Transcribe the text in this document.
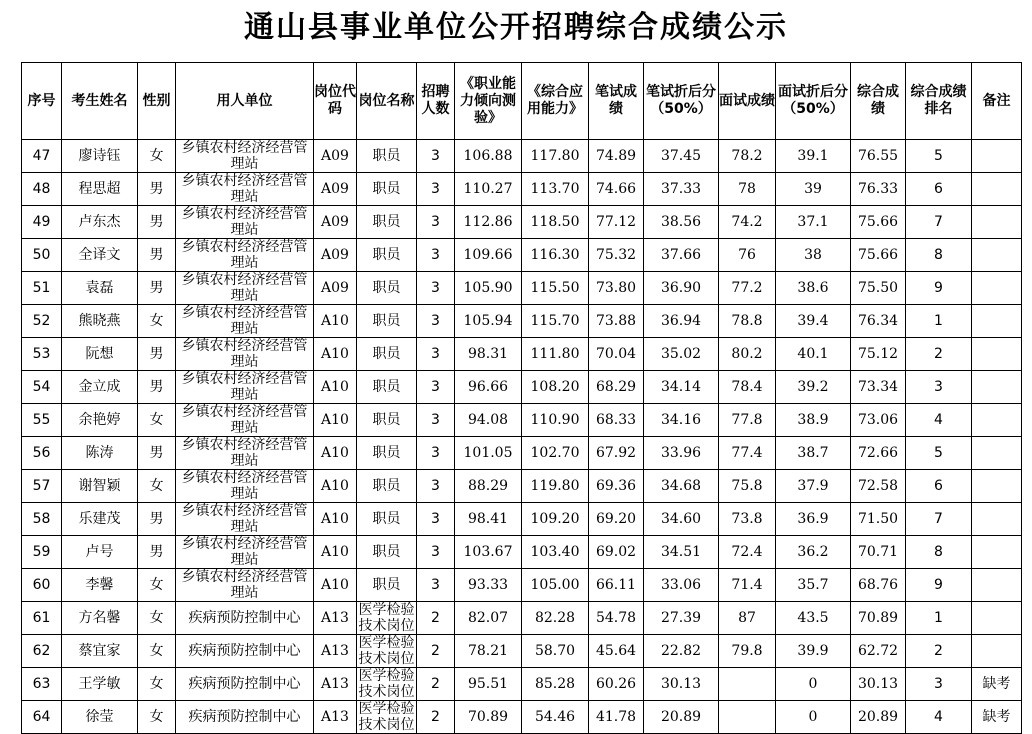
通山县事业单位公开招聘综合成绩公示
序号	考生姓名	性别	用人单位	岗位代码	岗位名称	招聘人数	《职业能力倾向测验》	《综合应用能力》	笔试成绩	笔试折后分（50%）	面试成绩	面试折后分（50%）	综合成绩	综合成绩排名	备注
47	廖诗钰	女	乡镇农村经济经营管理站	A09	职员	3	106.88	117.80	74.89	37.45	78.2	39.1	76.55	5	
48	程思超	男	乡镇农村经济经营管理站	A09	职员	3	110.27	113.70	74.66	37.33	78	39	76.33	6	
49	卢东杰	男	乡镇农村经济经营管理站	A09	职员	3	112.86	118.50	77.12	38.56	74.2	37.1	75.66	7	
50	全译文	男	乡镇农村经济经营管理站	A09	职员	3	109.66	116.30	75.32	37.66	76	38	75.66	8	
51	袁磊	男	乡镇农村经济经营管理站	A09	职员	3	105.90	115.50	73.80	36.90	77.2	38.6	75.50	9	
52	熊晓燕	女	乡镇农村经济经营管理站	A10	职员	3	105.94	115.70	73.88	36.94	78.8	39.4	76.34	1	
53	阮想	男	乡镇农村经济经营管理站	A10	职员	3	98.31	111.80	70.04	35.02	80.2	40.1	75.12	2	
54	金立成	男	乡镇农村经济经营管理站	A10	职员	3	96.66	108.20	68.29	34.14	78.4	39.2	73.34	3	
55	余艳婷	女	乡镇农村经济经营管理站	A10	职员	3	94.08	110.90	68.33	34.16	77.8	38.9	73.06	4	
56	陈涛	男	乡镇农村经济经营管理站	A10	职员	3	101.05	102.70	67.92	33.96	77.4	38.7	72.66	5	
57	谢智颖	女	乡镇农村经济经营管理站	A10	职员	3	88.29	119.80	69.36	34.68	75.8	37.9	72.58	6	
58	乐建茂	男	乡镇农村经济经营管理站	A10	职员	3	98.41	109.20	69.20	34.60	73.8	36.9	71.50	7	
59	卢号	男	乡镇农村经济经营管理站	A10	职员	3	103.67	103.40	69.02	34.51	72.4	36.2	70.71	8	
60	李馨	女	乡镇农村经济经营管理站	A10	职员	3	93.33	105.00	66.11	33.06	71.4	35.7	68.76	9	
61	方名馨	女	疾病预防控制中心	A13	医学检验技术岗位	2	82.07	82.28	54.78	27.39	87	43.5	70.89	1	
62	蔡宜家	女	疾病预防控制中心	A13	医学检验技术岗位	2	78.21	58.70	45.64	22.82	79.8	39.9	62.72	2	
63	王学敏	女	疾病预防控制中心	A13	医学检验技术岗位	2	95.51	85.28	60.26	30.13		0	30.13	3	缺考
64	徐莹	女	疾病预防控制中心	A13	医学检验技术岗位	2	70.89	54.46	41.78	20.89		0	20.89	4	缺考
